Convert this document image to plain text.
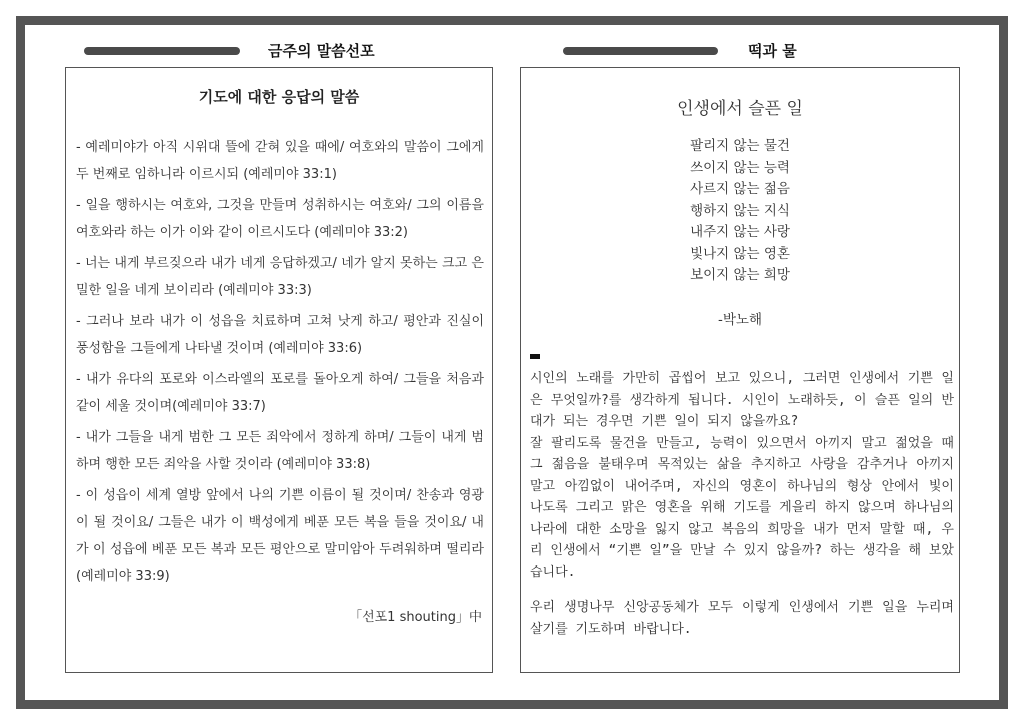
금주의 말씀선포	떡과 물
기도에 대한 응답의 말씀
- 예레미야가 아직 시위대 뜰에 갇혀 있을 때에/ 여호와의 말씀이 그에게 두 번째로 임하니라 이르시되 (예레미야 33:1)
- 일을 행하시는 여호와, 그것을 만들며 성취하시는 여호와/ 그의 이름을 여호와라 하는 이가 이와 같이 이르시도다 (예레미야 33:2)
- 너는 내게 부르짖으라 내가 네게 응답하겠고/ 네가 알지 못하는 크고 은밀한 일을 네게 보이리라 (예레미야 33:3)
- 그러나 보라 내가 이 성읍을 치료하며 고쳐 낫게 하고/ 평안과 진실이 풍성함을 그들에게 나타낼 것이며 (예레미야 33:6)
- 내가 유다의 포로와 이스라엘의 포로를 돌아오게 하여/ 그들을 처음과 같이 세울 것이며(예레미야 33:7)
- 내가 그들을 내게 범한 그 모든 죄악에서 정하게 하며/ 그들이 내게 범하며 행한 모든 죄악을 사할 것이라 (예레미야 33:8)
- 이 성읍이 세계 열방 앞에서 나의 기쁜 이름이 될 것이며/ 찬송과 영광이 될 것이요/ 그들은 내가 이 백성에게 베푼 모든 복을 들을 것이요/ 내가 이 성읍에 베푼 모든 복과 모든 평안으로 말미암아 두려워하며 떨리라 (예레미야 33:9)
「선포1 shouting」中
인생에서 슬픈 일
팔리지 않는 물건
쓰이지 않는 능력
사르지 않는 젊음
행하지 않는 지식
내주지 않는 사랑
빛나지 않는 영혼
보이지 않는 희망
-박노해

시인의 노래를 가만히 곱씹어 보고 있으니, 그러면 인생에서 기쁜 일은 무엇일까?를 생각하게 됩니다. 시인이 노래하듯, 이 슬픈 일의 반대가 되는 경우면 기쁜 일이 되지 않을까요?

잘 팔리도록 물건을 만들고, 능력이 있으면서 아끼지 말고 젊었을 때 그 젊음을 불태우며 목적있는 삶을 추지하고 사랑을 감추거나 아끼지 말고 아낌없이 내어주며, 자신의 영혼이 하나님의 형상 안에서 빛이 나도록 그리고 맑은 영혼을 위해 기도를 게을리 하지 않으며 하나님의 나라에 대한 소망을 잃지 않고 복음의 희망을 내가 먼저 말할 때, 우리 인생에서 “기쁜 일”을 만날 수 있지 않을까? 하는 생각을 해 보았습니다.

우리 생명나무 신앙공동체가 모두 이렇게 인생에서 기쁜 일을 누리며 살기를 기도하며 바랍니다.
